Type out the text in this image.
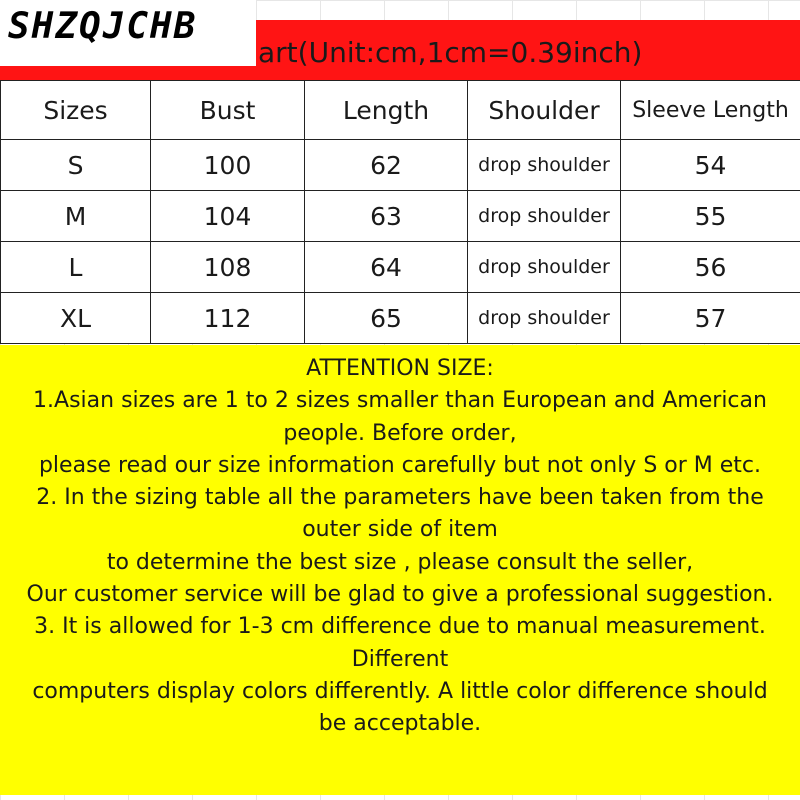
art(Unit:cm,1cm=0.39inch)
SHZQJCHB
Sizes	Bust	Length	Shoulder	Sleeve Length
S	100	62	drop shoulder	54
M	104	63	drop shoulder	55
L	108	64	drop shoulder	56
XL	112	65	drop shoulder	57

ATTENTION SIZE:

1.Asian sizes are 1 to 2 sizes smaller than European and American

people. Before order,

please read our size information carefully but not only S or M etc.

2. In the sizing table all the parameters have been taken from the

outer side of item

to determine the best size , please consult the seller,

Our customer service will be glad to give a professional suggestion.

3. It is allowed for 1-3 cm difference due to manual measurement.

Different

computers display colors differently. A little color difference should

be acceptable.
